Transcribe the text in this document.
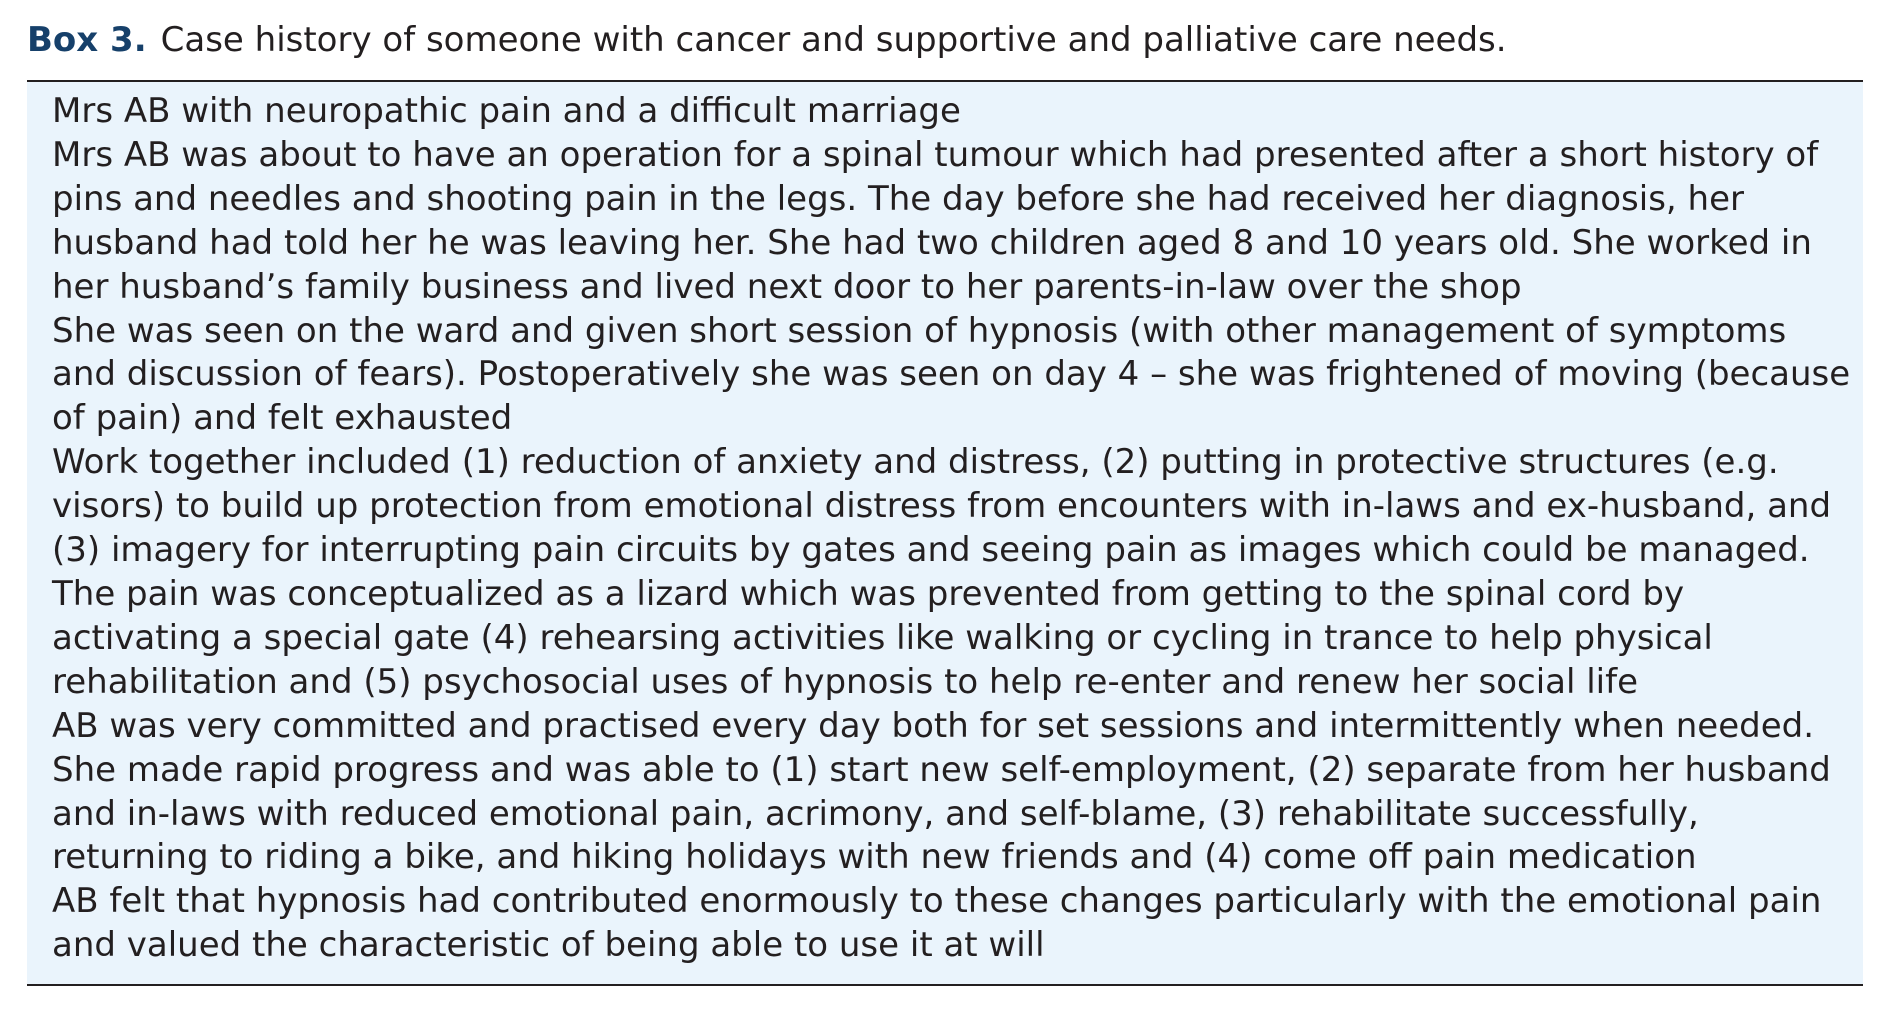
Box 3. Case history of someone with cancer and supportive and palliative care needs.

Mrs AB with neuropathic pain and a difficult marriage

Mrs AB was about to have an operation for a spinal tumour which had presented after a short history of pins and needles and shooting pain in the legs. The day before she had received her diagnosis, her husband had told her he was leaving her. She had two children aged 8 and 10 years old. She worked in her husband’s family business and lived next door to her parents-in-law over the shop

She was seen on the ward and given short session of hypnosis (with other management of symptoms and discussion of fears). Postoperatively she was seen on day 4 – she was frightened of moving (because of pain) and felt exhausted

Work together included (1) reduction of anxiety and distress, (2) putting in protective structures (e.g. visors) to build up protection from emotional distress from encounters with in-laws and ex-husband, and (3) imagery for interrupting pain circuits by gates and seeing pain as images which could be managed. The pain was conceptualized as a lizard which was prevented from getting to the spinal cord by activating a special gate (4) rehearsing activities like walking or cycling in trance to help physical rehabilitation and (5) psychosocial uses of hypnosis to help re-enter and renew her social life

AB was very committed and practised every day both for set sessions and intermittently when needed. She made rapid progress and was able to (1) start new self-employment, (2) separate from her husband and in-laws with reduced emotional pain, acrimony, and self-blame, (3) rehabilitate successfully, returning to riding a bike, and hiking holidays with new friends and (4) come off pain medication

AB felt that hypnosis had contributed enormously to these changes particularly with the emotional pain and valued the characteristic of being able to use it at will
